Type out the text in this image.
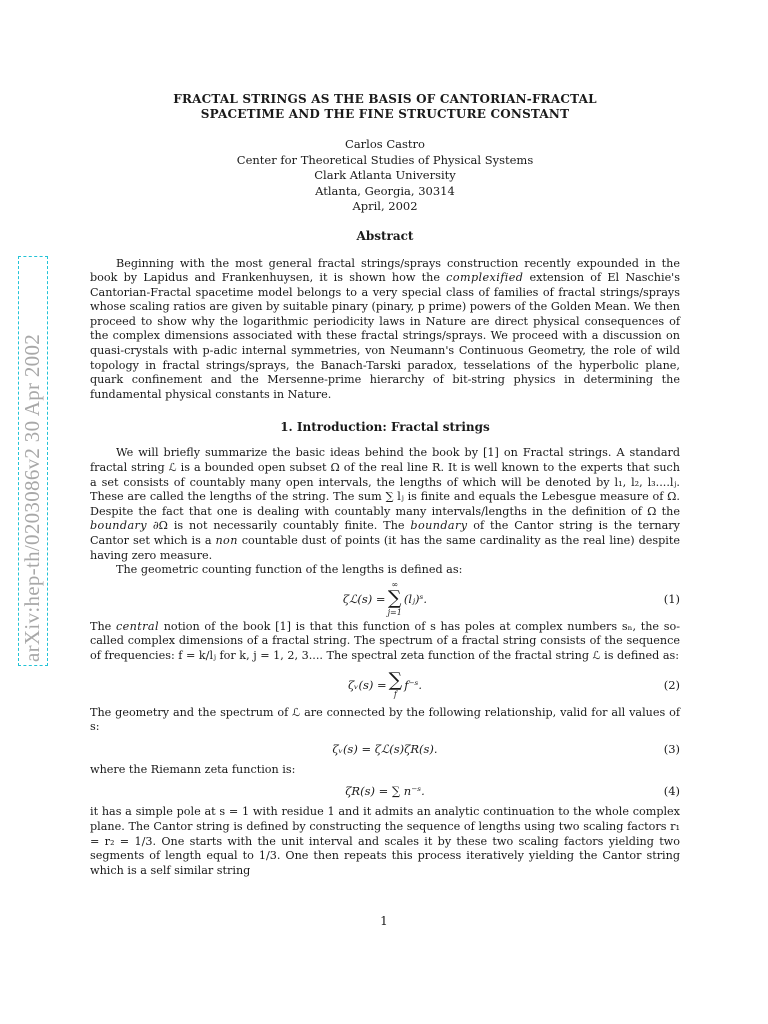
arXiv:hep-th/0203086v2 30 Apr 2002
FRACTAL STRINGS AS THE BASIS OF CANTORIAN-FRACTAL
SPACETIME AND THE FINE STRUCTURE CONSTANT
Carlos Castro
Center for Theoretical Studies of Physical Systems
Clark Atlanta University
Atlanta, Georgia, 30314
April, 2002
Abstract

Beginning with the most general fractal strings/sprays construction recently expounded in the book by Lapidus and Frankenhuysen, it is shown how the complexified extension of El Naschie's Cantorian-Fractal spacetime model belongs to a very special class of families of fractal strings/sprays whose scaling ratios are given by suitable pinary (pinary, p prime) powers of the Golden Mean. We then proceed to show why the logarithmic periodicity laws in Nature are direct physical consequences of the complex dimensions associated with these fractal strings/sprays. We proceed with a discussion on quasi-crystals with p-adic internal symmetries, von Neumann's Continuous Geometry, the role of wild topology in fractal strings/sprays, the Banach-Tarski paradox, tesselations of the hyperbolic plane, quark confinement and the Mersenne-prime hierarchy of bit-string physics in determining the fundamental physical constants in Nature.

1. Introduction: Fractal strings

We will briefly summarize the basic ideas behind the book by [1] on Fractal strings. A standard fractal string ℒ is a bounded open subset Ω of the real line R. It is well known to the experts that such a set consists of countably many open intervals, the lengths of which will be denoted by l₁, l₂, l₃....lⱼ. These are called the lengths of the string. The sum ∑ lⱼ is finite and equals the Lebesgue measure of Ω. Despite the fact that one is dealing with countably many intervals/lengths in the definition of Ω the boundary ∂Ω is not necessarily countably finite. The boundary of the Cantor string is the ternary Cantor set which is a non countable dust of points (it has the same cardinality as the real line) despite having zero measure.

The geometric counting function of the lengths is defined as:

ζℒ(s) =
∞
∑
j=1
(lⱼ)ˢ.	(1)

The central notion of the book [1] is that this function of s has poles at complex numbers sₙ, the so-called complex dimensions of a fractal string. The spectrum of a fractal string consists of the sequence of frequencies: f = k/lⱼ for k, j = 1, 2, 3.... The spectral zeta function of the fractal string ℒ is defined as:

ζᵥ(s) = ∑
f
f⁻ˢ.	(2)

The geometry and the spectrum of ℒ are connected by the following relationship, valid for all values of s:

ζᵥ(s) = ζℒ(s)ζR(s).	(3)

where the Riemann zeta function is:

ζR(s) = ∑ n⁻ˢ.	(4)

it has a simple pole at s = 1 with residue 1 and it admits an analytic continuation to the whole complex plane. The Cantor string is defined by constructing the sequence of lengths using two scaling factors r₁ = r₂ = 1/3. One starts with the unit interval and scales it by these two scaling factors yielding two segments of length equal to 1/3. One then repeats this process iteratively yielding the Cantor string which is a self similar string

1
